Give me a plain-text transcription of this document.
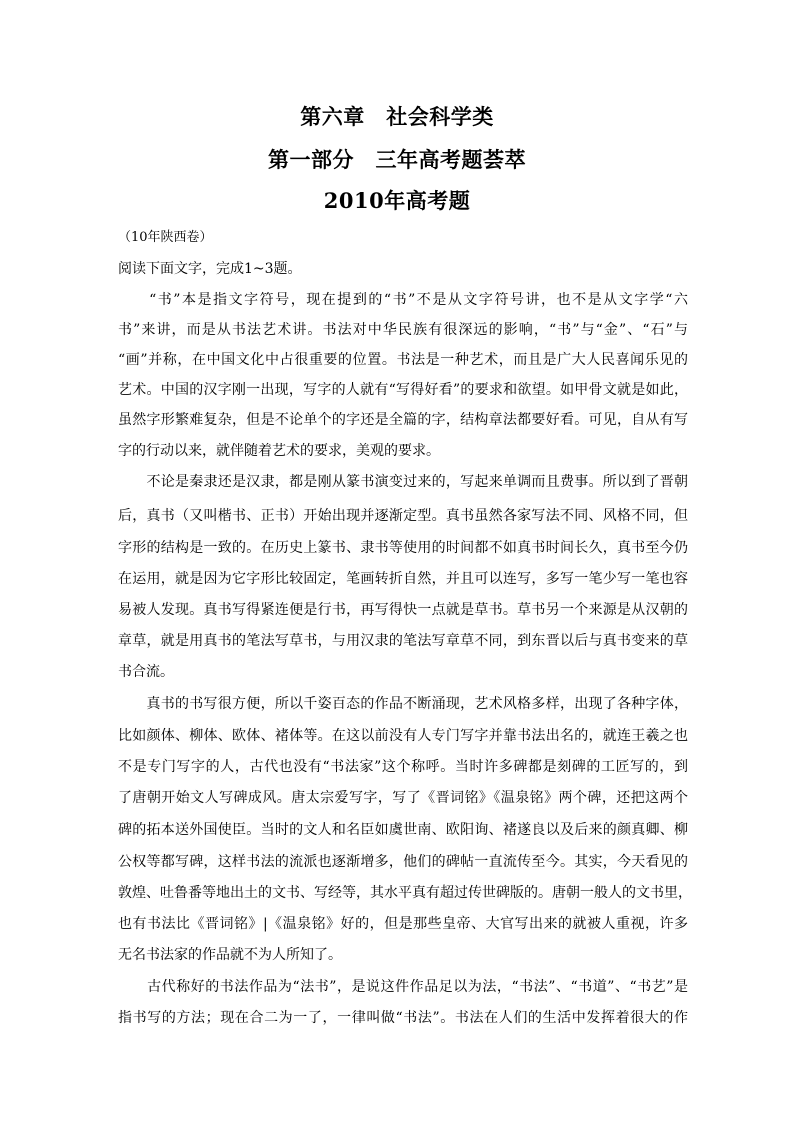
第六章　社会科学类
第一部分　三年高考题荟萃
2010年高考题
（10年陕西卷）
阅读下面文字，完成1~3题。
　　“书”本是指文字符号，现在提到的“书”不是从文字符号讲，也不是从文字学“六
书”来讲，而是从书法艺术讲。书法对中华民族有很深远的影响，“书”与“金”、“石”与
“画”并称，在中国文化中占很重要的位置。书法是一种艺术，而且是广大人民喜闻乐见的
艺术。中国的汉字刚一出现，写字的人就有“写得好看”的要求和欲望。如甲骨文就是如此，
虽然字形繁难复杂，但是不论单个的字还是全篇的字，结构章法都要好看。可见，自从有写
字的行动以来，就伴随着艺术的要求，美观的要求。
　　不论是秦隶还是汉隶，都是刚从篆书演变过来的，写起来单调而且费事。所以到了晋朝
后，真书（又叫楷书、正书）开始出现并逐渐定型。真书虽然各家写法不同、风格不同，但
字形的结构是一致的。在历史上篆书、隶书等使用的时间都不如真书时间长久，真书至今仍
在运用，就是因为它字形比较固定，笔画转折自然，并且可以连写，多写一笔少写一笔也容
易被人发现。真书写得紧连便是行书，再写得快一点就是草书。草书另一个来源是从汉朝的
章草，就是用真书的笔法写草书，与用汉隶的笔法写章草不同，到东晋以后与真书变来的草
书合流。
　　真书的书写很方便，所以千姿百态的作品不断涌现，艺术风格多样，出现了各种字体，
比如颜体、柳体、欧体、褚体等。在这以前没有人专门写字并靠书法出名的，就连王羲之也
不是专门写字的人，古代也没有“书法家”这个称呼。当时许多碑都是刻碑的工匠写的，到
了唐朝开始文人写碑成风。唐太宗爱写字，写了《晋词铭》《温泉铭》两个碑，还把这两个
碑的拓本送外国使臣。当时的文人和名臣如虞世南、欧阳询、褚遂良以及后来的颜真卿、柳
公权等都写碑，这样书法的流派也逐渐增多，他们的碑帖一直流传至今。其实，今天看见的
敦煌、吐鲁番等地出土的文书、写经等，其水平真有超过传世碑版的。唐朝一般人的文书里，
也有书法比《晋词铭》|《温泉铭》好的，但是那些皇帝、大官写出来的就被人重视，许多
无名书法家的作品就不为人所知了。
　　古代称好的书法作品为“法书”，是说这件作品足以为法，“书法”、“书道”、“书艺”是
指书写的方法；现在合二为一了，一律叫做“书法”。书法在人们的生活中发挥着很大的作
